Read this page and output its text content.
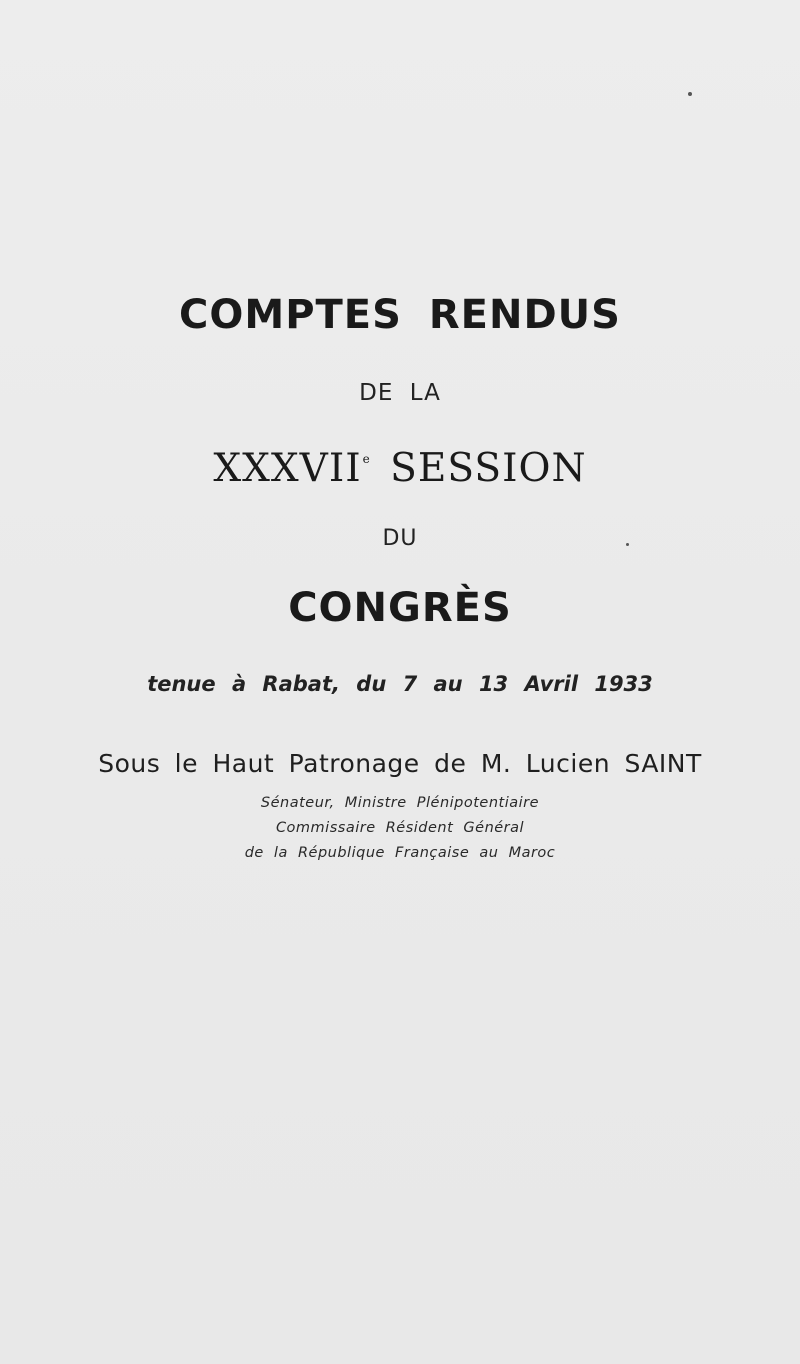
COMPTES RENDUS
DE LA
XXXVIIe SESSION
DU
CONGRÈS
tenue à Rabat, du 7 au 13 Avril 1933
Sous le Haut Patronage de M. Lucien SAINT
Sénateur, Ministre Plénipotentiaire
Commissaire Résident Général
de la République Française au Maroc
